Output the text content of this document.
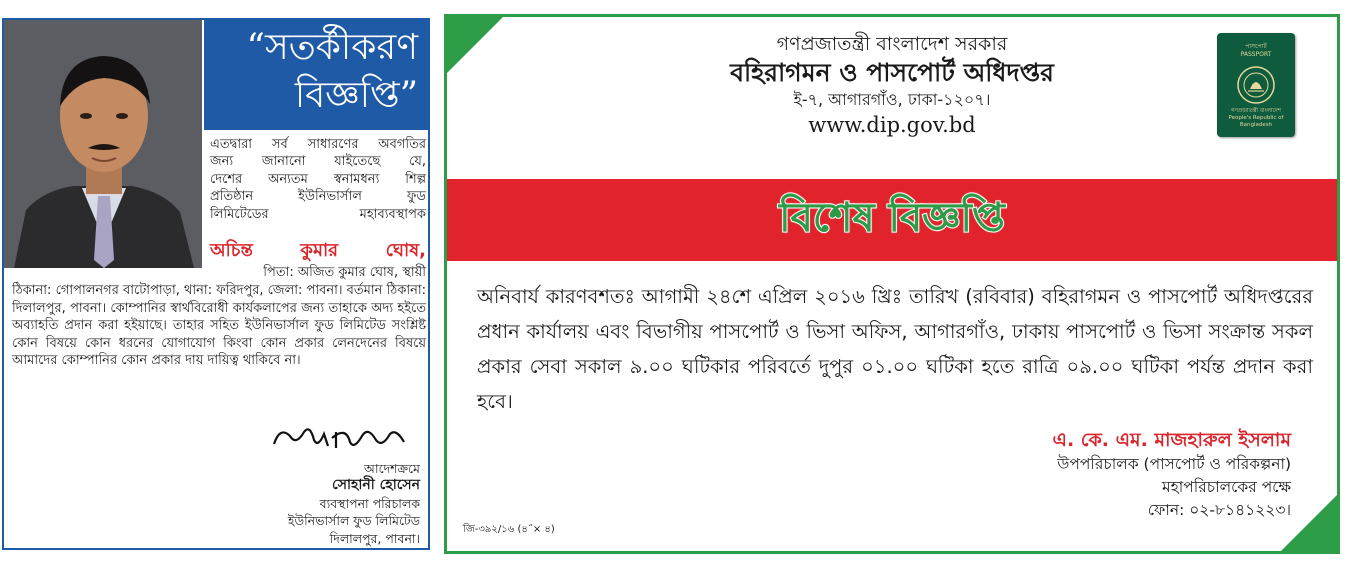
“সতর্কীকরণ
বিজ্ঞপ্তি”
এতদ্বারা সর্ব সাধারণের অবগতির
জন্য জানানো যাইতেছে যে,
দেশের অন্যতম স্বনামধন্য শিল্প
প্রতিষ্ঠান ইউনিভার্সাল ফুড
লিমিটেডের মহাব্যবস্থাপক
অচিন্ত কুমার ঘোষ,
পিতা: অজিত কুমার ঘোষ, স্থায়ী
ঠিকানা: গোপালনগর বাটোপাড়া, থানা: ফরিদপুর, জেলা: পাবনা। বর্তমান ঠিকানা: দিলালপুর, পাবনা। কোম্পানির স্বার্থবিরোধী কার্যকলাপের জন্য তাহাকে অদ্য হইতে অব্যাহতি প্রদান করা হইয়াছে। তাহার সহিত ইউনিভার্সাল ফুড লিমিটেড সংশ্লিষ্ট কোন বিষয়ে কোন ধরনের যোগাযোগ কিংবা কোন প্রকার লেনদেনের বিষয়ে আমাদের কোম্পানির কোন প্রকার দায় দায়িত্ব থাকিবে না।
আদেশক্রমে
সোহানী হোসেন
ব্যবস্থাপনা পরিচালক
ইউনিভার্সাল ফুড লিমিটেড
দিলালপুর, পাবনা।
গণপ্রজাতন্ত্রী বাংলাদেশ সরকার
বহিরাগমন ও পাসপোর্ট অধিদপ্তর
ই-৭, আগারগাঁও, ঢাকা-১২০৭।
www.dip.gov.bd
পাসপোর্ট
PASSPORT
গণপ্রজাতন্ত্রী বাংলাদেশ
People's Republic of Bangladesh
বিশেষ বিজ্ঞপ্তি
অনিবার্য কারণবশতঃ আগামী ২৪শে এপ্রিল ২০১৬ খ্রিঃ তারিখ (রবিবার) বহিরাগমন ও পাসপোর্ট অধিদপ্তরের প্রধান কার্যালয় এবং বিভাগীয় পাসপোর্ট ও ভিসা অফিস, আগারগাঁও, ঢাকায় পাসপোর্ট ও ভিসা সংক্রান্ত সকল প্রকার সেবা সকাল ৯.০০ ঘটিকার পরিবর্তে দুপুর ০১.০০ ঘটিকা হতে রাত্রি ০৯.০০ ঘটিকা পর্যন্ত প্রদান করা হবে।
এ. কে. এম. মাজহারুল ইসলাম
উপপরিচালক (পাসপোর্ট ও পরিকল্পনা)
মহাপরিচালকের পক্ষে
ফোন: ০২-৮১৪১২২৩।
জি-৩৯২/১৬ (৪˝× ৪)
